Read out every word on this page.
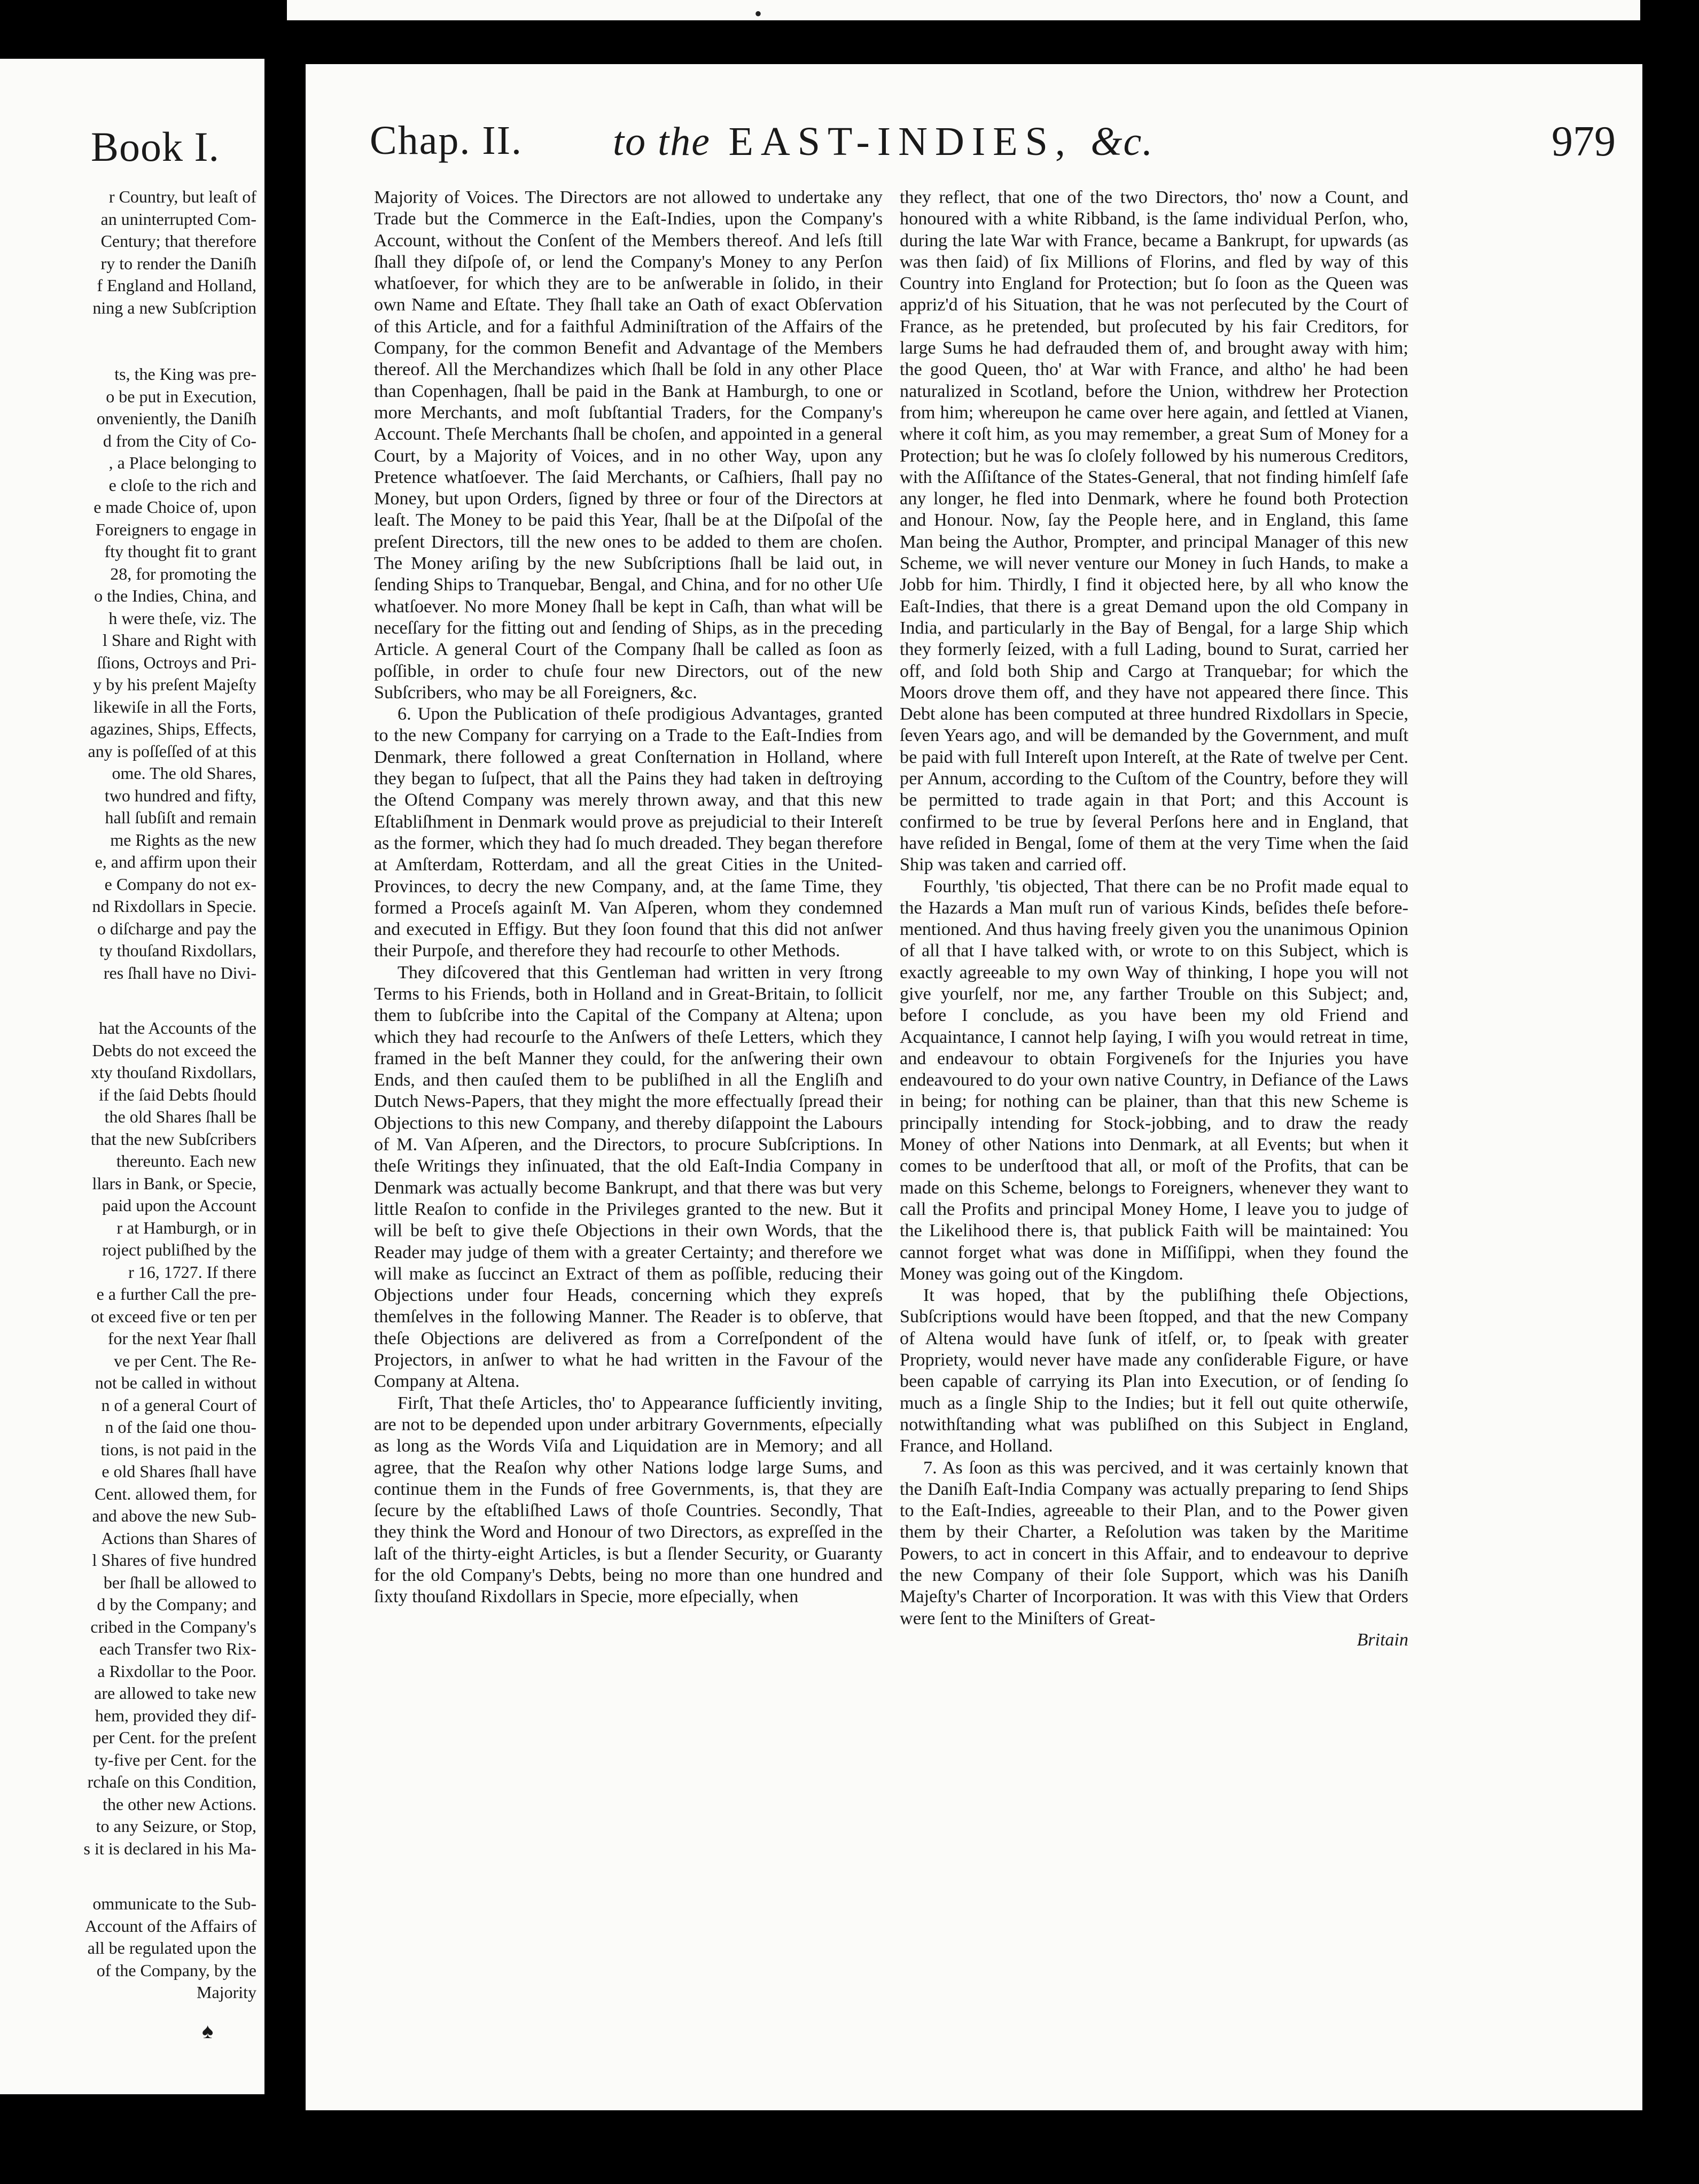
•
Book I.
r Country, but leaſt of
an uninterrupted Com-
Century; that therefore
ry to render the Daniſh
f England and Holland,
ning a new Subſcription
ts, the King was pre-
o be put in Execution,
onveniently, the Daniſh
d from the City of Co-
, a Place belonging to
e cloſe to the rich and
e made Choice of, upon
Foreigners to engage in
fty thought fit to grant
28, for promoting the
o the Indies, China, and
h were theſe, viz. The
l Share and Right with
ſſions, Octroys and Pri-
y by his preſent Majeſty
likewiſe in all the Forts,
agazines, Ships, Effects,
any is poſſeſſed of at this
ome. The old Shares,
two hundred and fifty,
hall ſubſiſt and remain
me Rights as the new
e, and affirm upon their
e Company do not ex-
nd Rixdollars in Specie.
o diſcharge and pay the
ty thouſand Rixdollars,
res ſhall have no Divi-
hat the Accounts of the
Debts do not exceed the
xty thouſand Rixdollars,
if the ſaid Debts ſhould
the old Shares ſhall be
that the new Subſcribers
thereunto. Each new
llars in Bank, or Specie,
paid upon the Account
r at Hamburgh, or in
roject publiſhed by the
r 16, 1727. If there
e a further Call the pre-
ot exceed five or ten per
for the next Year ſhall
ve per Cent. The Re-
not be called in without
n of a general Court of
n of the ſaid one thou-
tions, is not paid in the
e old Shares ſhall have
Cent. allowed them, for
and above the new Sub-
Actions than Shares of
l Shares of five hundred
ber ſhall be allowed to
d by the Company; and
cribed in the Company's
each Transfer two Rix-
a Rixdollar to the Poor.
are allowed to take new
hem, provided they dif-
per Cent. for the preſent
ty-five per Cent. for the
rchaſe on this Condition,
the other new Actions.
to any Seizure, or Stop,
s it is declared in his Ma-
ommunicate to the Sub-
Account of the Affairs of
all be regulated upon the
of the Company, by the
Majority
♠
Chap. II. to the EAST-INDIES, &c.	979

Majority of Voices. The Directors are not allowed to undertake any Trade but the Commerce in the Eaſt-Indies, upon the Company's Account, without the Conſent of the Members thereof. And leſs ſtill ſhall they diſpoſe of, or lend the Company's Money to any Perſon whatſoever, for which they are to be anſwerable in ſolido, in their own Name and Eſtate. They ſhall take an Oath of exact Obſervation of this Article, and for a faithful Adminiſtration of the Affairs of the Company, for the common Benefit and Advantage of the Members thereof. All the Merchandizes which ſhall be ſold in any other Place than Copenhagen, ſhall be paid in the Bank at Hamburgh, to one or more Merchants, and moſt ſubſtantial Traders, for the Company's Account. Theſe Merchants ſhall be choſen, and appointed in a general Court, by a Majority of Voices, and in no other Way, upon any Pretence whatſoever. The ſaid Merchants, or Caſhiers, ſhall pay no Money, but upon Orders, ſigned by three or four of the Directors at leaſt. The Money to be paid this Year, ſhall be at the Diſpoſal of the preſent Directors, till the new ones to be added to them are choſen. The Money ariſing by the new Subſcriptions ſhall be laid out, in ſending Ships to Tranquebar, Bengal, and China, and for no other Uſe whatſoever. No more Money ſhall be kept in Caſh, than what will be neceſſary for the fitting out and ſending of Ships, as in the preceding Article. A general Court of the Company ſhall be called as ſoon as poſſible, in order to chuſe four new Directors, out of the new Subſcribers, who may be all Foreigners, &c.

6. Upon the Publication of theſe prodigious Advantages, granted to the new Company for carrying on a Trade to the Eaſt-Indies from Denmark, there followed a great Conſternation in Holland, where they began to ſuſpect, that all the Pains they had taken in deſtroying the Oſtend Company was merely thrown away, and that this new Eſtabliſhment in Denmark would prove as prejudicial to their Intereſt as the former, which they had ſo much dreaded. They began therefore at Amſterdam, Rotterdam, and all the great Cities in the United-Provinces, to decry the new Company, and, at the ſame Time, they formed a Proceſs againſt M. Van Aſperen, whom they condemned and executed in Effigy. But they ſoon found that this did not anſwer their Purpoſe, and therefore they had recourſe to other Methods.

They diſcovered that this Gentleman had written in very ſtrong Terms to his Friends, both in Holland and in Great-Britain, to ſollicit them to ſubſcribe into the Capital of the Company at Altena; upon which they had recourſe to the Anſwers of theſe Letters, which they framed in the beſt Manner they could, for the anſwering their own Ends, and then cauſed them to be publiſhed in all the Engliſh and Dutch News-Papers, that they might the more effectually ſpread their Objections to this new Company, and thereby diſappoint the Labours of M. Van Aſperen, and the Directors, to procure Subſcriptions. In theſe Writings they inſinuated, that the old Eaſt-India Company in Denmark was actually become Bankrupt, and that there was but very little Reaſon to confide in the Privileges granted to the new. But it will be beſt to give theſe Objections in their own Words, that the Reader may judge of them with a greater Certainty; and therefore we will make as ſuccinct an Extract of them as poſſible, reducing their Objections under four Heads, concerning which they expreſs themſelves in the following Manner. The Reader is to obſerve, that theſe Objections are delivered as from a Correſpondent of the Projectors, in anſwer to what he had written in the Favour of the Company at Altena.

Firſt, That theſe Articles, tho' to Appearance ſufficiently inviting, are not to be depended upon under arbitrary Governments, eſpecially as long as the Words Viſa and Liquidation are in Memory; and all agree, that the Reaſon why other Nations lodge large Sums, and continue them in the Funds of free Governments, is, that they are ſecure by the eſtabliſhed Laws of thoſe Countries. Secondly, That they think the Word and Honour of two Directors, as expreſſed in the laſt of the thirty-eight Articles, is but a ſlender Security, or Guaranty for the old Company's Debts, being no more than one hundred and ſixty thouſand Rixdollars in Specie, more eſpecially, when

they reflect, that one of the two Directors, tho' now a Count, and honoured with a white Ribband, is the ſame individual Perſon, who, during the late War with France, became a Bankrupt, for upwards (as was then ſaid) of ſix Millions of Florins, and fled by way of this Country into England for Protection; but ſo ſoon as the Queen was appriz'd of his Situation, that he was not perſecuted by the Court of France, as he pretended, but proſecuted by his fair Creditors, for large Sums he had defrauded them of, and brought away with him; the good Queen, tho' at War with France, and altho' he had been naturalized in Scotland, before the Union, withdrew her Protection from him; whereupon he came over here again, and ſettled at Vianen, where it coſt him, as you may remember, a great Sum of Money for a Protection; but he was ſo cloſely followed by his numerous Creditors, with the Aſſiſtance of the States-General, that not finding himſelf ſafe any longer, he fled into Denmark, where he found both Protection and Honour. Now, ſay the People here, and in England, this ſame Man being the Author, Prompter, and principal Manager of this new Scheme, we will never venture our Money in ſuch Hands, to make a Jobb for him. Thirdly, I find it objected here, by all who know the Eaſt-Indies, that there is a great Demand upon the old Company in India, and particularly in the Bay of Bengal, for a large Ship which they formerly ſeized, with a full Lading, bound to Surat, carried her off, and ſold both Ship and Cargo at Tranquebar; for which the Moors drove them off, and they have not appeared there ſince. This Debt alone has been computed at three hundred Rixdollars in Specie, ſeven Years ago, and will be demanded by the Government, and muſt be paid with full Intereſt upon Intereſt, at the Rate of twelve per Cent. per Annum, according to the Cuſtom of the Country, before they will be permitted to trade again in that Port; and this Account is confirmed to be true by ſeveral Perſons here and in England, that have reſided in Bengal, ſome of them at the very Time when the ſaid Ship was taken and carried off.

Fourthly, 'tis objected, That there can be no Profit made equal to the Hazards a Man muſt run of various Kinds, beſides theſe before-mentioned. And thus having freely given you the unanimous Opinion of all that I have talked with, or wrote to on this Subject, which is exactly agreeable to my own Way of thinking, I hope you will not give yourſelf, nor me, any farther Trouble on this Subject; and, before I conclude, as you have been my old Friend and Acquaintance, I cannot help ſaying, I wiſh you would retreat in time, and endeavour to obtain Forgiveneſs for the Injuries you have endeavoured to do your own native Country, in Defiance of the Laws in being; for nothing can be plainer, than that this new Scheme is principally intending for Stock-jobbing, and to draw the ready Money of other Nations into Denmark, at all Events; but when it comes to be underſtood that all, or moſt of the Profits, that can be made on this Scheme, belongs to Foreigners, whenever they want to call the Profits and principal Money Home, I leave you to judge of the Likelihood there is, that publick Faith will be maintained: You cannot forget what was done in Miſſiſippi, when they found the Money was going out of the Kingdom.

It was hoped, that by the publiſhing theſe Objections, Subſcriptions would have been ſtopped, and that the new Company of Altena would have ſunk of itſelf, or, to ſpeak with greater Propriety, would never have made any conſiderable Figure, or have been capable of carrying its Plan into Execution, or of ſending ſo much as a ſingle Ship to the Indies; but it fell out quite otherwiſe, notwithſtanding what was publiſhed on this Subject in England, France, and Holland.

7. As ſoon as this was percived, and it was certainly known that the Daniſh Eaſt-India Company was actually preparing to ſend Ships to the Eaſt-Indies, agreeable to their Plan, and to the Power given them by their Charter, a Reſolution was taken by the Maritime Powers, to act in concert in this Affair, and to endeavour to deprive the new Company of their ſole Support, which was his Daniſh Majeſty's Charter of Incorporation. It was with this View that Orders were ſent to the Miniſters of Great-

Britain
